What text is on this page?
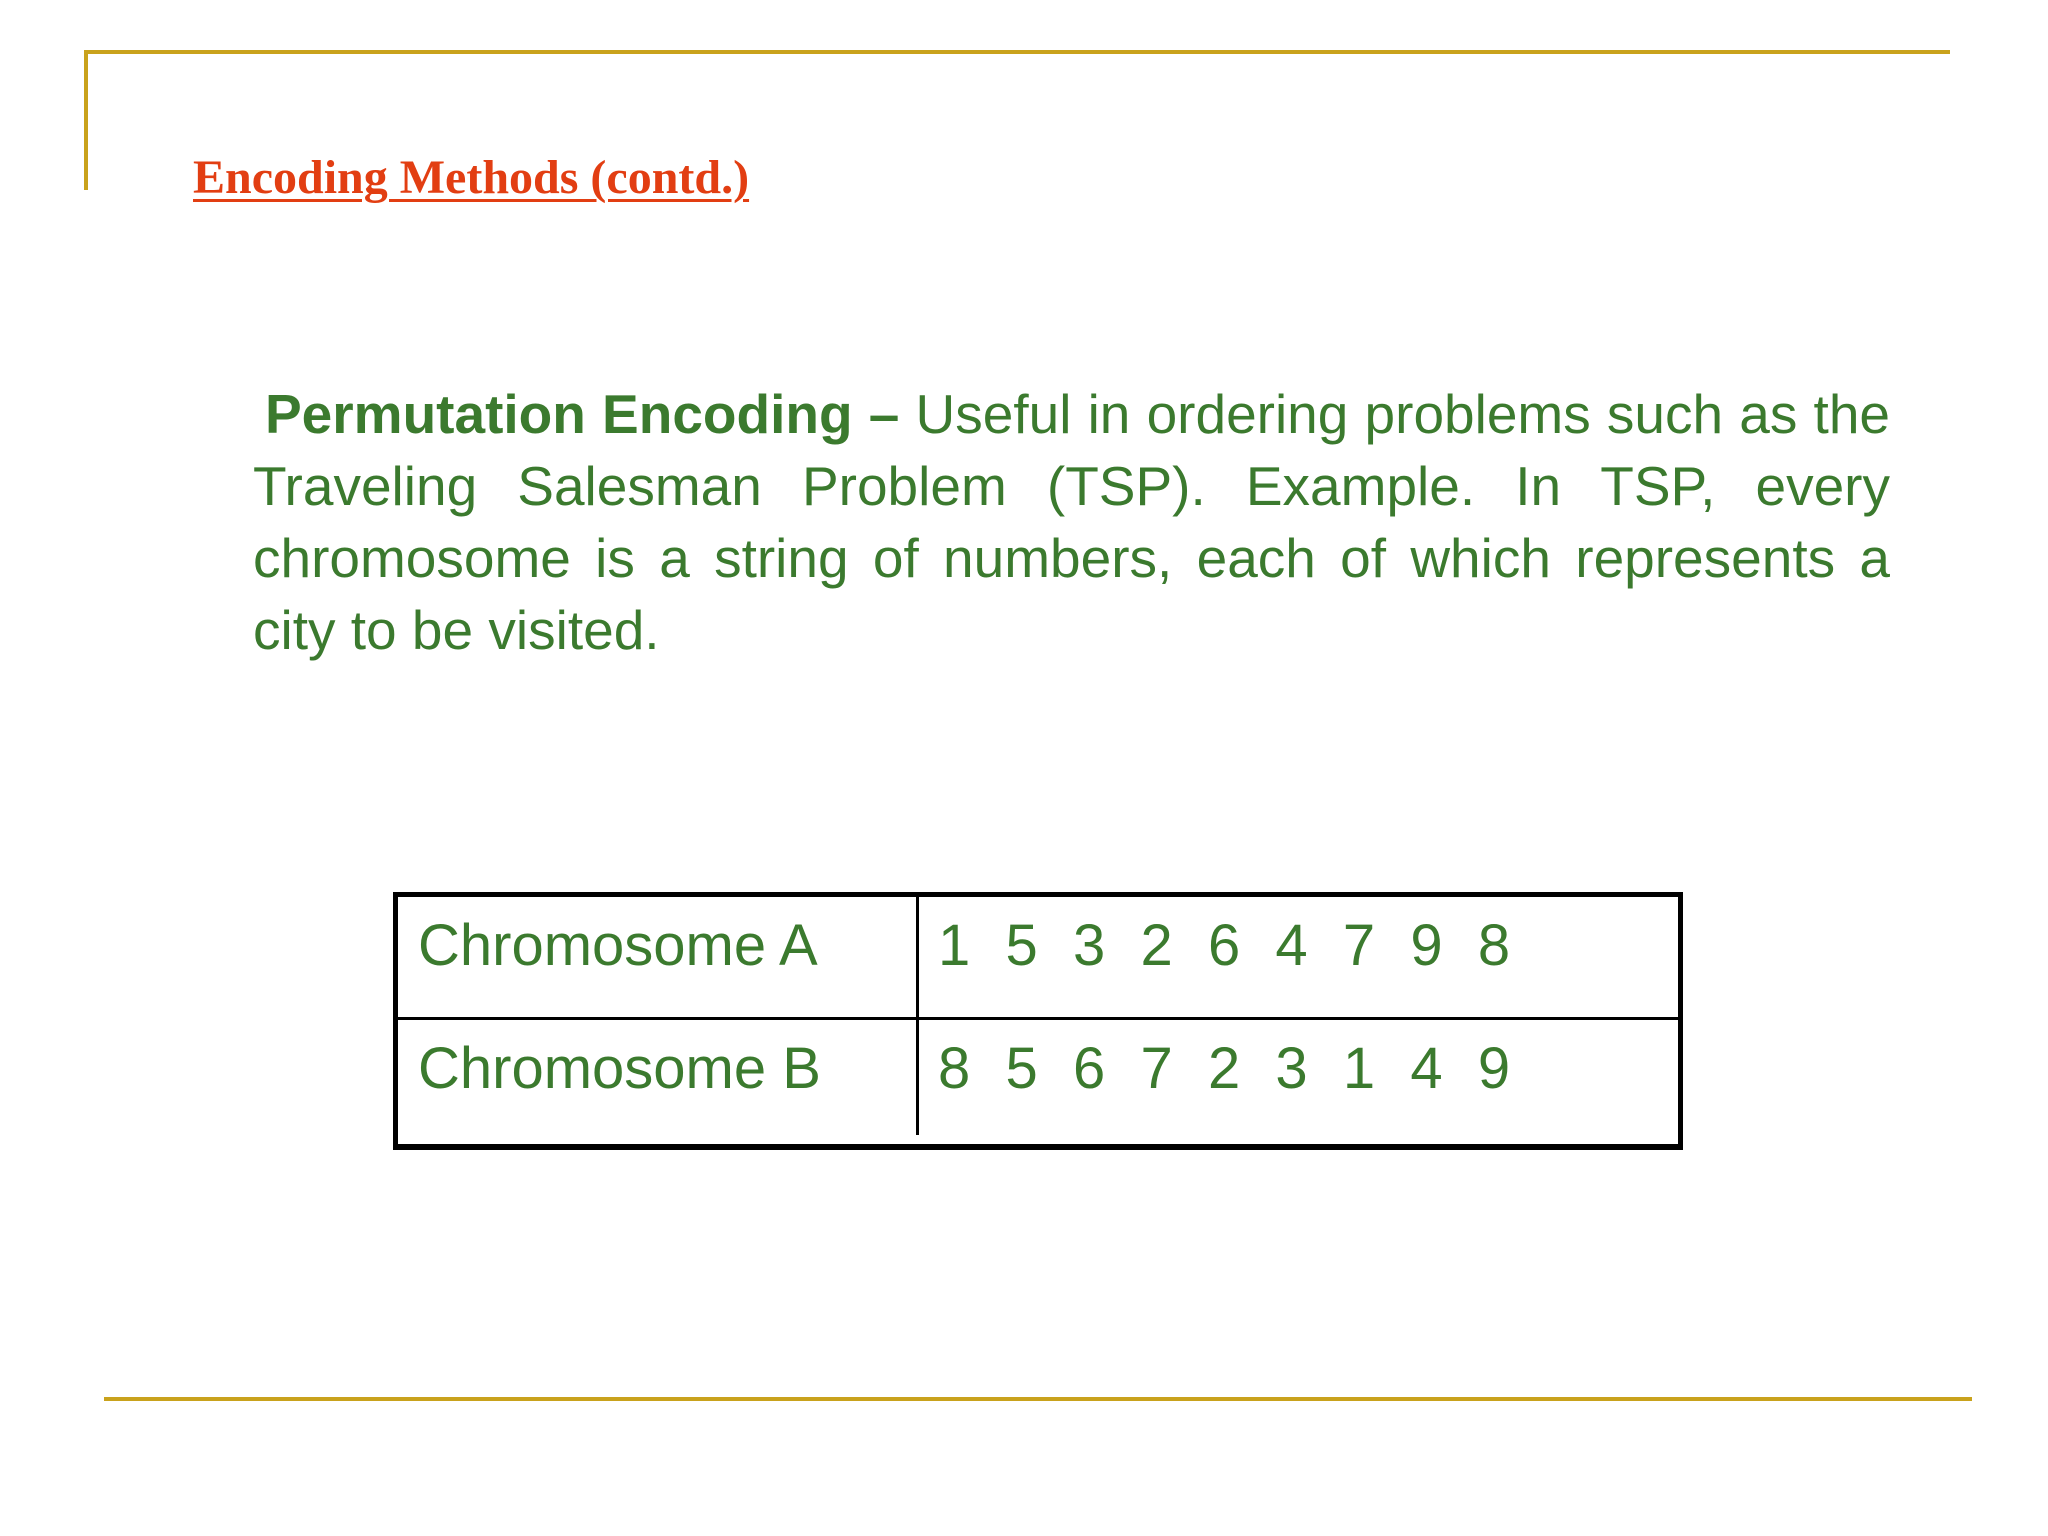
Encoding Methods (contd.)

Permutation Encoding – Useful in ordering problems such as the Traveling Salesman Problem (TSP). Example. In TSP, every chromosome is a string of numbers, each of which represents a city to be visited.

Chromosome A 1  5  3  2  6  4  7  9  8
Chromosome B 8  5  6  7  2  3  1  4  9
